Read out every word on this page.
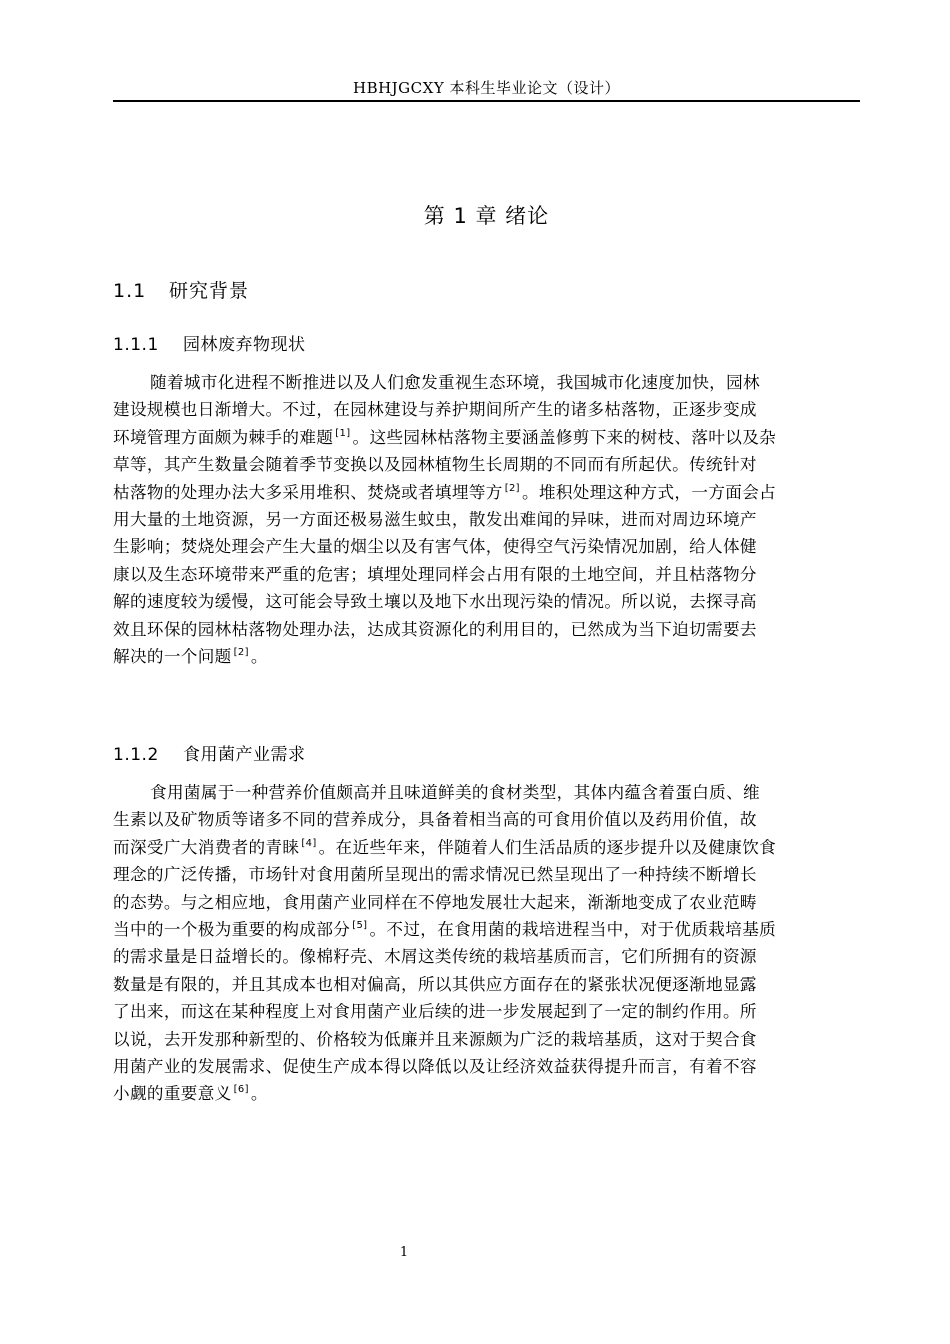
HBHJGCXY 本科生毕业论文（设计）
第 1 章 绪论
1.1 研究背景
1.1.1 园林废弃物现状
随着城市化进程不断推进以及人们愈发重视生态环境，我国城市化速度加快，园林
建设规模也日渐增大。不过，在园林建设与养护期间所产生的诸多枯落物，正逐步变成
环境管理方面颇为棘手的难题 [1] 。这些园林枯落物主要涵盖修剪下来的树枝、落叶以及杂
草等，其产生数量会随着季节变换以及园林植物生长周期的不同而有所起伏。传统针对
枯落物的处理办法大多采用堆积、焚烧或者填埋等方 [2] 。堆积处理这种方式，一方面会占
用大量的土地资源，另一方面还极易滋生蚊虫，散发出难闻的异味，进而对周边环境产
生影响；焚烧处理会产生大量的烟尘以及有害气体，使得空气污染情况加剧，给人体健
康以及生态环境带来严重的危害；填埋处理同样会占用有限的土地空间，并且枯落物分
解的速度较为缓慢，这可能会导致土壤以及地下水出现污染的情况。所以说，去探寻高
效且环保的园林枯落物处理办法，达成其资源化的利用目的，已然成为当下迫切需要去
解决的一个问题 [2] 。
1.1.2 食用菌产业需求
食用菌属于一种营养价值颇高并且味道鲜美的食材类型，其体内蕴含着蛋白质、维
生素以及矿物质等诸多不同的营养成分，具备着相当高的可食用价值以及药用价值，故
而深受广大消费者的青睐 [4] 。在近些年来，伴随着人们生活品质的逐步提升以及健康饮食
理念的广泛传播，市场针对食用菌所呈现出的需求情况已然呈现出了一种持续不断增长
的态势。与之相应地，食用菌产业同样在不停地发展壮大起来，渐渐地变成了农业范畴
当中的一个极为重要的构成部分 [5] 。不过，在食用菌的栽培进程当中，对于优质栽培基质
的需求量是日益增长的。像棉籽壳、木屑这类传统的栽培基质而言，它们所拥有的资源
数量是有限的，并且其成本也相对偏高，所以其供应方面存在的紧张状况便逐渐地显露
了出来，而这在某种程度上对食用菌产业后续的进一步发展起到了一定的制约作用。所
以说，去开发那种新型的、价格较为低廉并且来源颇为广泛的栽培基质，这对于契合食
用菌产业的发展需求、促使生产成本得以降低以及让经济效益获得提升而言，有着不容
小觑的重要意义 [6] 。
1
